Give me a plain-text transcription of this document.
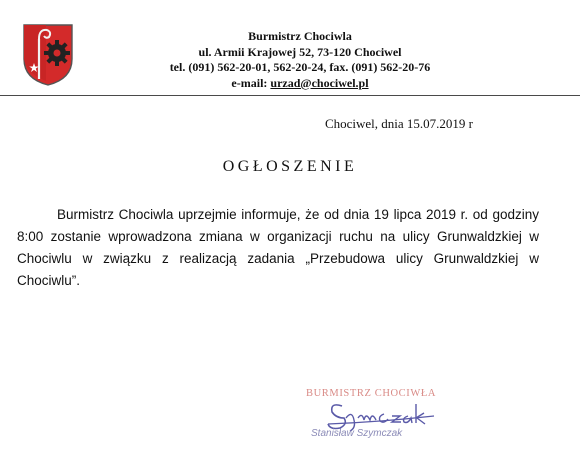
Burmistrz Chociwla
ul. Armii Krajowej 52, 73-120 Chociwel
tel. (091) 562-20-01, 562-20-24, fax. (091) 562-20-76
e-mail: urzad@chociwel.pl
Chociwel, dnia 15.07.2019 r
OGŁOSZENIE

Burmistrz Chociwla uprzejmie informuje, że od dnia 19 lipca 2019 r. od godziny 8:00 zostanie wprowadzona zmiana w organizacji ruchu na ulicy Grunwaldzkiej w Chociwlu w związku z realizacją zadania „Przebudowa ulicy Grunwaldzkiej w Chociwlu”.

BURMISTRZ CHOCIWŁA
Stanisław Szymczak
